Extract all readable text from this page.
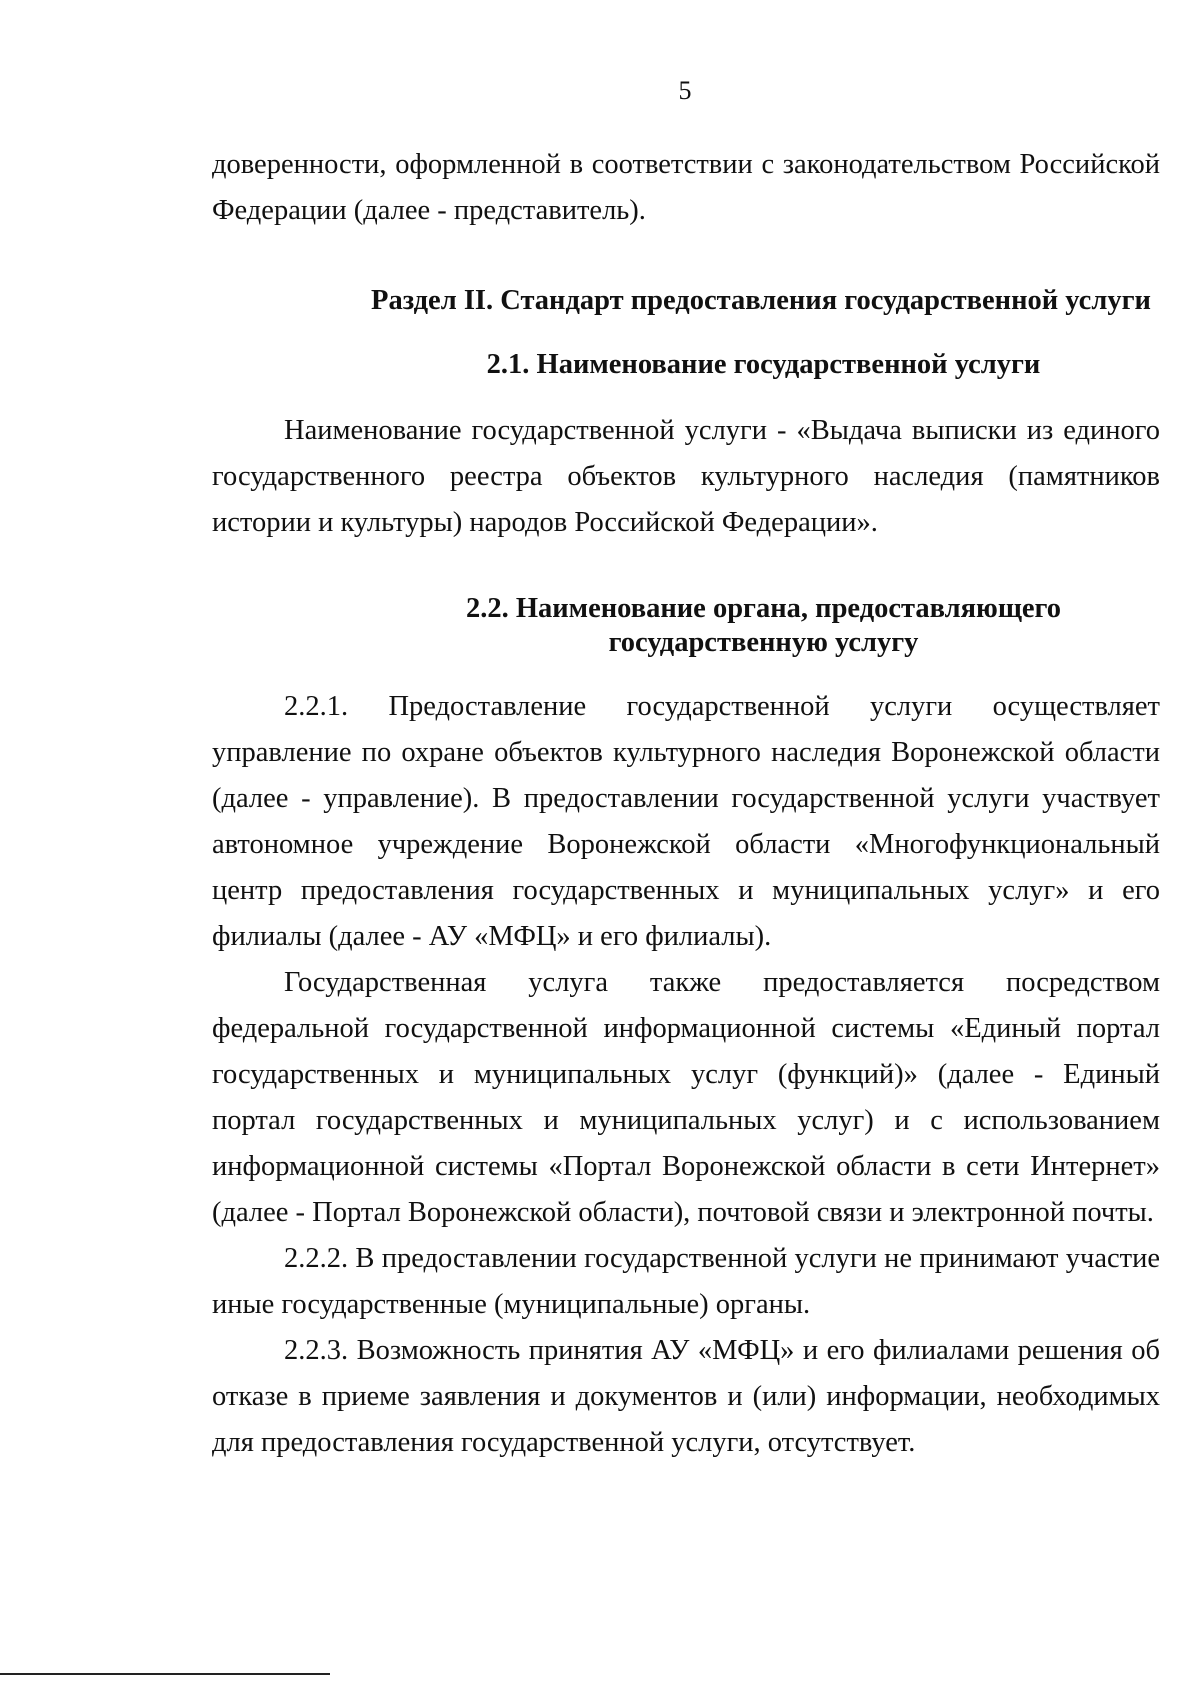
5

доверенности, оформленной в соответствии с законодательством Российской Федерации (далее - представитель).

Раздел II. Стандарт предоставления государственной услуги
2.1. Наименование государственной услуги

Наименование государственной услуги - «Выдача выписки из единого государственного реестра объектов культурного наследия (памятников истории и культуры) народов Российской Федерации».

2.2. Наименование органа, предоставляющего
государственную услугу

2.2.1. Предоставление государственной услуги осуществляет управление по охране объектов культурного наследия Воронежской области (далее - управление). В предоставлении государственной услуги участвует автономное учреждение Воронежской области «Многофункциональный центр предоставления государственных и муниципальных услуг» и его филиалы (далее - АУ «МФЦ» и его филиалы).

Государственная услуга также предоставляется посредством федеральной государственной информационной системы «Единый портал государственных и муниципальных услуг (функций)» (далее - Единый портал государственных и муниципальных услуг) и с использованием информационной системы «Портал Воронежской области в сети Интернет» (далее - Портал Воронежской области), почтовой связи и электронной почты.

2.2.2. В предоставлении государственной услуги не принимают участие иные государственные (муниципальные) органы.

2.2.3. Возможность принятия АУ «МФЦ» и его филиалами решения об отказе в приеме заявления и документов и (или) информации, необходимых для предоставления государственной услуги, отсутствует.
